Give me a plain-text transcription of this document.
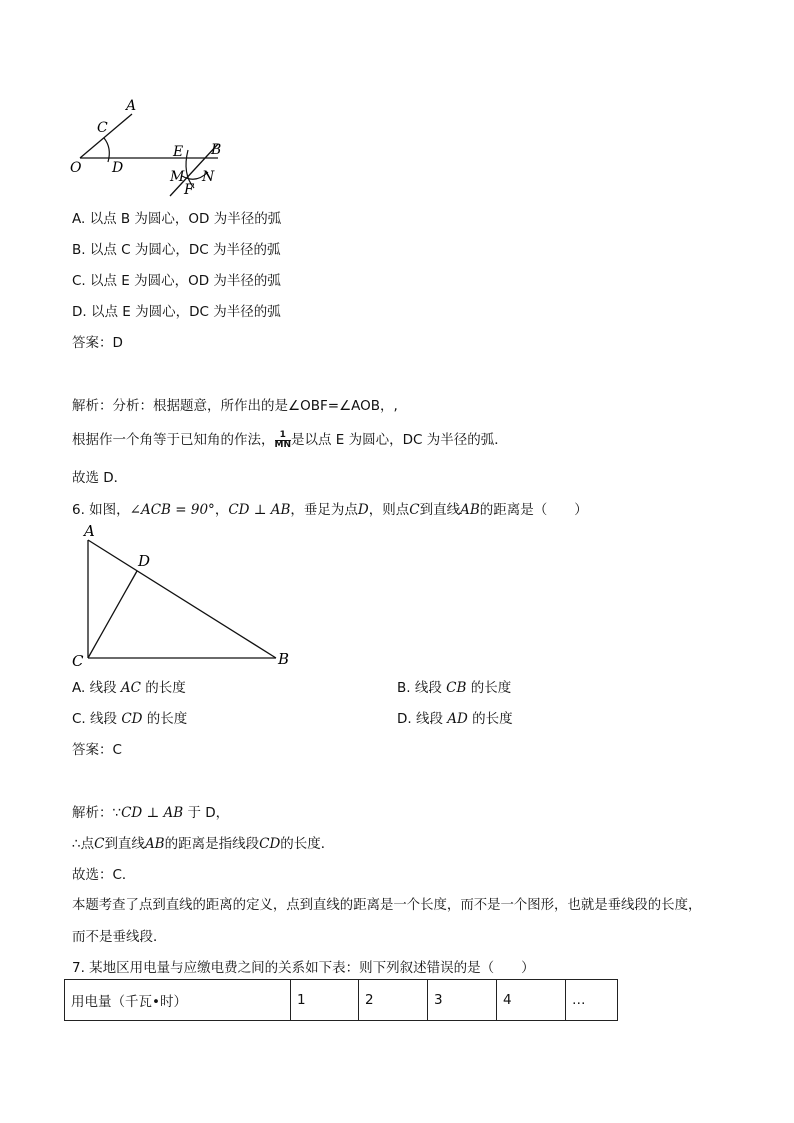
A
C
O D
E B
M N
F
A. 以点 B 为圆心，OD 为半径的弧
B. 以点 C 为圆心，DC 为半径的弧
C. 以点 E 为圆心，OD 为半径的弧
D. 以点 E 为圆心，DC 为半径的弧
答案：D
解析：分析：根据题意，所作出的是∠OBF=∠AOB，,
根据作一个角等于已知角的作法， $\frac{1}{MN}$ 是以点 E 为圆心，DC 为半径的弧．
故选 D．
6. 如图，∠ACB = 90°，CD ⊥ AB，垂足为点D，则点C到直线AB的距离是（　　）
A
D
C	B
A. 线段 AC 的长度	B. 线段 CB 的长度
C. 线段 CD 的长度	D. 线段 AD 的长度
答案：C
解析：∵CD ⊥ AB 于 D，
∴点C到直线AB的距离是指线段CD的长度．
故选：C．
本题考查了点到直线的距离的定义，点到直线的距离是一个长度，而不是一个图形，也就是垂线段的长度，
而不是垂线段．
7. 某地区用电量与应缴电费之间的关系如下表：则下列叙述错误的是（　　）
用电量（千瓦•时）	1	2	3	4	…
